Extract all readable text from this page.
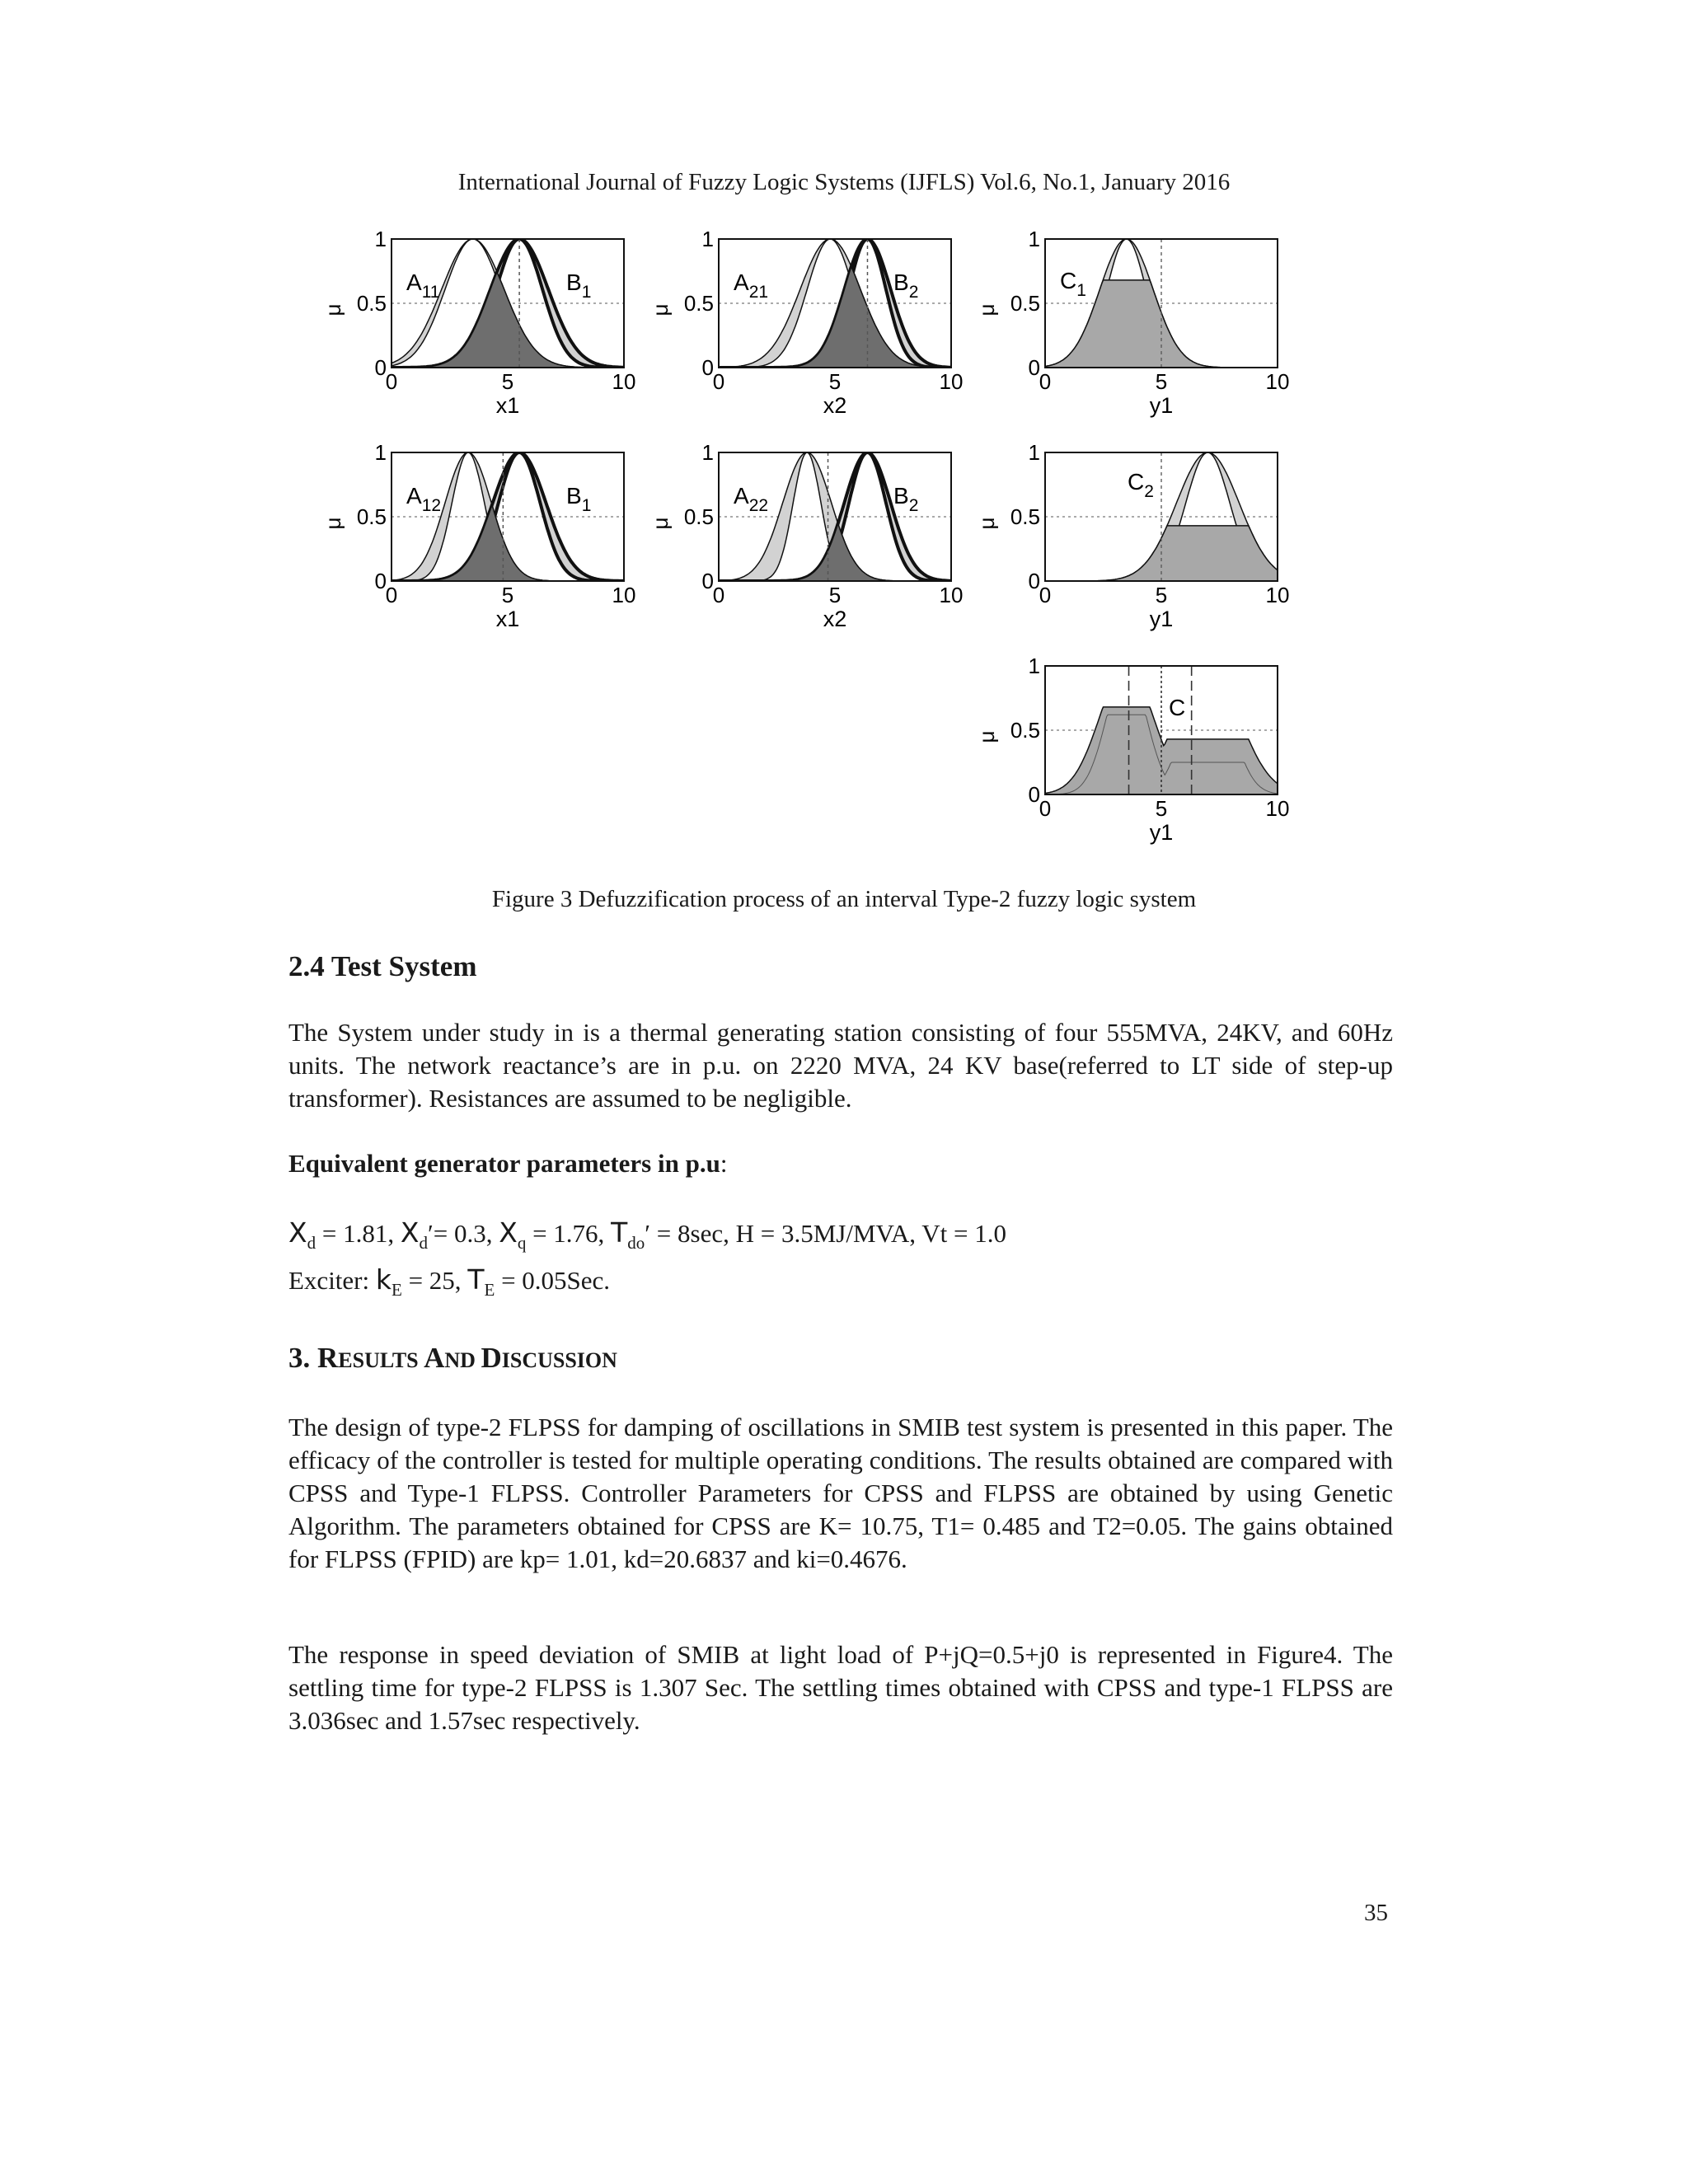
International Journal of Fuzzy Logic Systems (IJFLS) Vol.6, No.1, January 2016
0
0.5
1
0	5	10
x1
μ
$A_{11}$	$B_1$
0
0.5
1
0	5	10
x2
μ
$A_{21}$	$B_2$	$C_1$
0
0.5
1
0	5	10
y1
μ
0
0.5
1
0	5	10
x1
μ
$A_{12}$	$B_1$
0
0.5
1
0	5	10
x2
μ
$A_{22}$	$B_2$
$C_2$
0
0.5
1
0	5	10
y1
μ
C
0
0.5
1
0	5	10
y1
μ
Figure 3 Defuzzification process of an interval Type-2 fuzzy logic system
2.4 Test System
The System under study in is a thermal generating station consisting of four 555MVA, 24KV, and 60Hz units. The network reactance’s are in p.u. on 2220 MVA, 24 KV base(referred to LT side of step-up transformer). Resistances are assumed to be negligible.
Equivalent generator parameters in p.u:
$X_d = 1.81$, $X_d'= 0.3$, $X_q = 1.76$, $T_{do}' = 8\sec$, H = 3.5MJ/MVA, Vt = 1.0
Exciter: $k_E = 25$, $T_E = 0.05Sec$.
3. RESULTS AND DISCUSSION
The design of type-2 FLPSS for damping of oscillations in SMIB test system is presented in this paper. The efficacy of the controller is tested for multiple operating conditions. The results obtained are compared with CPSS and Type-1 FLPSS. Controller Parameters for CPSS and FLPSS are obtained by using Genetic Algorithm. The parameters obtained for CPSS are K= 10.75, T1= 0.485 and T2=0.05. The gains obtained for FLPSS (FPID) are kp= 1.01, kd=20.6837 and ki=0.4676.
The response in speed deviation of SMIB at light load of P+jQ=0.5+j0 is represented in Figure4. The settling time for type-2 FLPSS is 1.307 Sec. The settling times obtained with CPSS and type-1 FLPSS are 3.036sec and 1.57sec respectively.
35
